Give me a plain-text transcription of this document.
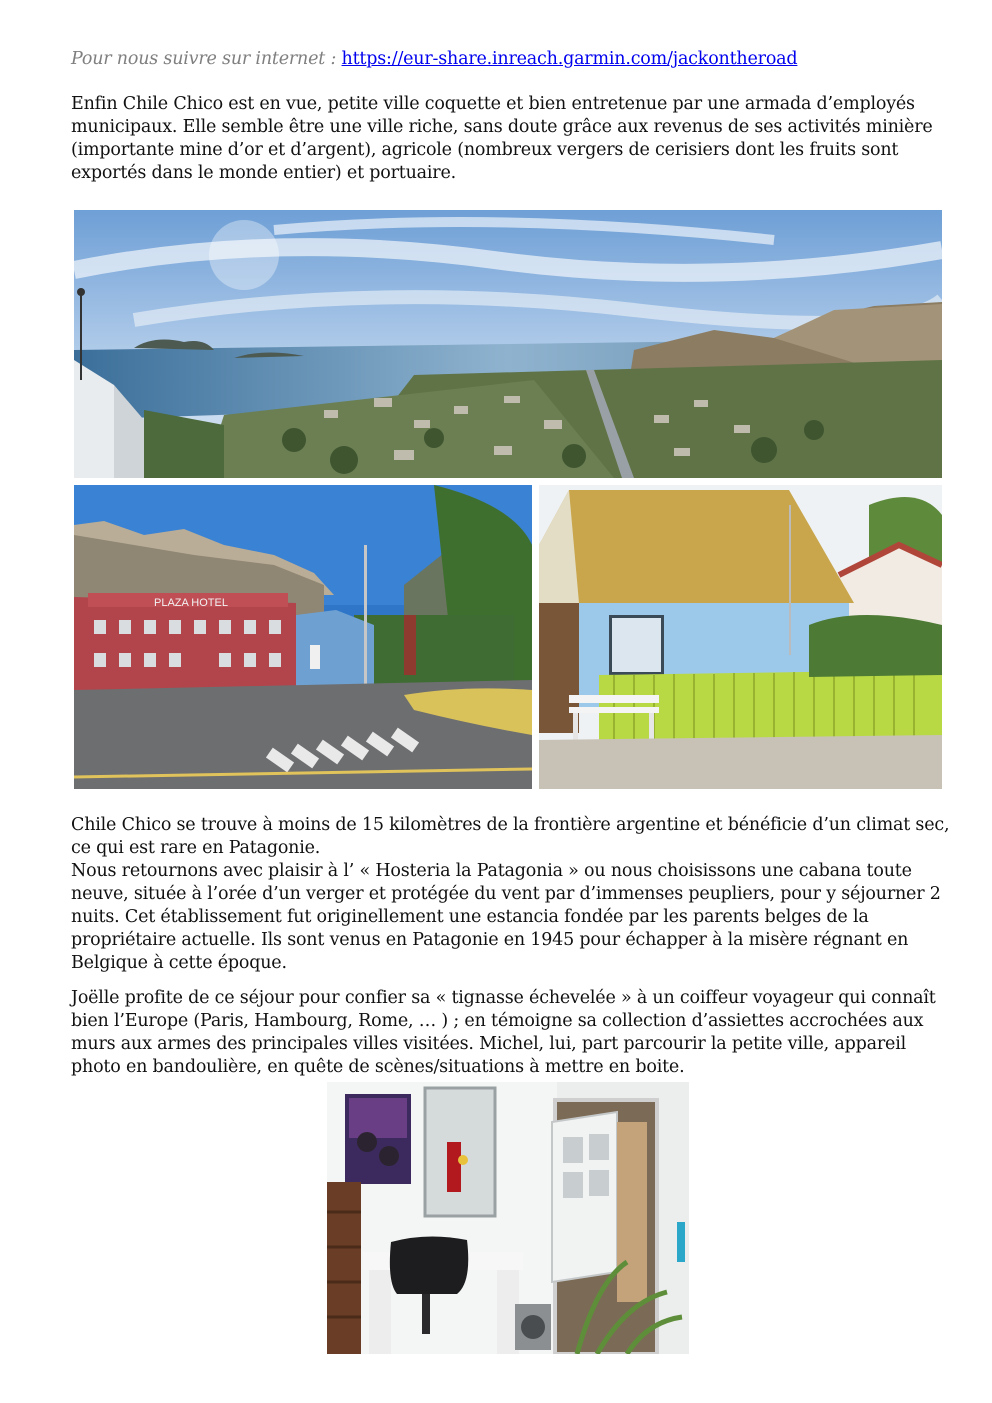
Pour nous suivre sur internet : https://eur-share.inreach.garmin.com/jackontheroad

Enfin Chile Chico est en vue, petite ville coquette et bien entretenue par une armada d’employés

municipaux. Elle semble être une ville riche, sans doute grâce aux revenus de ses activités minière

(importante mine d’or et d’argent), agricole (nombreux vergers de cerisiers dont les fruits sont

exportés dans le monde entier) et portuaire.

PLAZA HOTEL

Chile Chico se trouve à moins de 15 kilomètres de la frontière argentine et bénéficie d’un climat sec,

ce qui est rare en Patagonie.

Nous retournons avec plaisir à l’ « Hosteria la Patagonia » ou nous choisissons une cabana toute

neuve, située à l’orée d’un verger et protégée du vent par d’immenses peupliers, pour y séjourner 2

nuits. Cet établissement fut originellement une estancia fondée par les parents belges de la

propriétaire actuelle. Ils sont venus en Patagonie en 1945 pour échapper à la misère régnant en

Belgique à cette époque.

Joëlle profite de ce séjour pour confier sa « tignasse échevelée » à un coiffeur voyageur qui connaît

bien l’Europe (Paris, Hambourg, Rome, … ) ; en témoigne sa collection d’assiettes accrochées aux

murs aux armes des principales villes visitées. Michel, lui, part parcourir la petite ville, appareil

photo en bandoulière, en quête de scènes/situations à mettre en boite.
